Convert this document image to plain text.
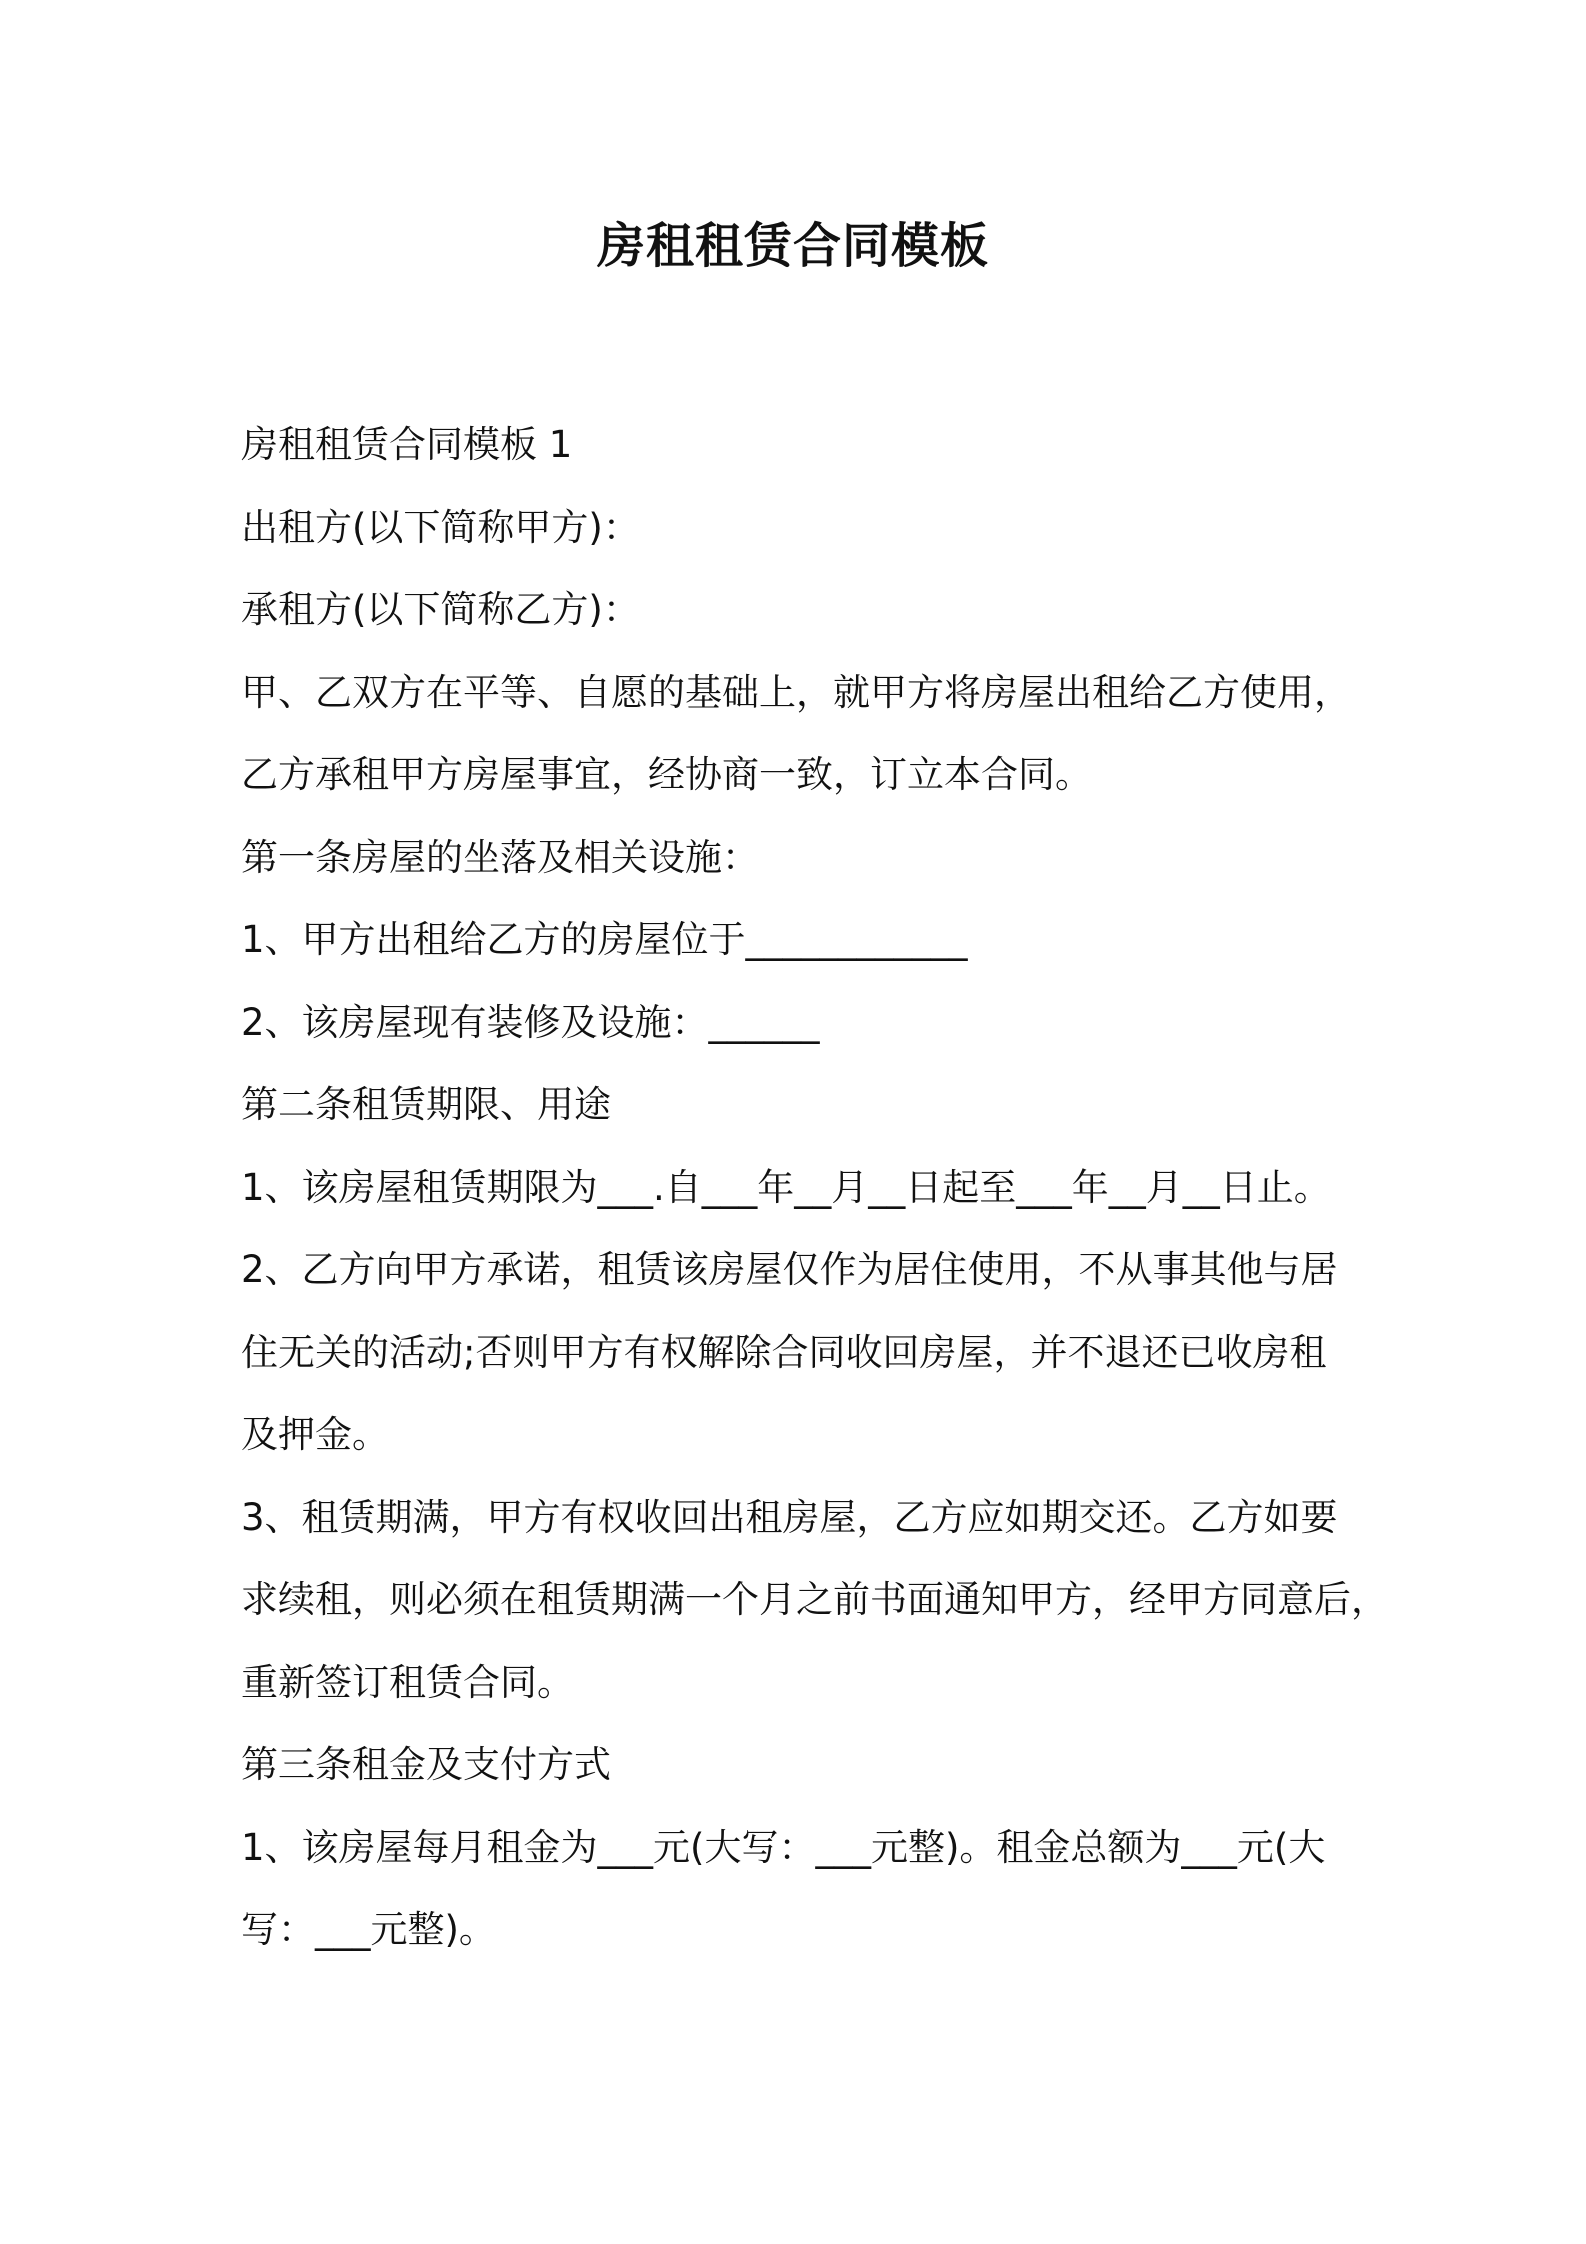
房租租赁合同模板

房租租赁合同模板 1

出租方(以下简称甲方)：

承租方(以下简称乙方)：

甲、乙双方在平等、自愿的基础上，就甲方将房屋出租给乙方使用，

乙方承租甲方房屋事宜，经协商一致，订立本合同。

第一条房屋的坐落及相关设施：

1、甲方出租给乙方的房屋位于____________

2、该房屋现有装修及设施：______

第二条租赁期限、用途

1、该房屋租赁期限为___.自___年__月__日起至___年__月__日止。

2、乙方向甲方承诺，租赁该房屋仅作为居住使用，不从事其他与居

住无关的活动;否则甲方有权解除合同收回房屋，并不退还已收房租

及押金。

3、租赁期满，甲方有权收回出租房屋，乙方应如期交还。乙方如要

求续租，则必须在租赁期满一个月之前书面通知甲方，经甲方同意后，

重新签订租赁合同。

第三条租金及支付方式

1、该房屋每月租金为___元(大写：___元整)。租金总额为___元(大

写：___元整)。
